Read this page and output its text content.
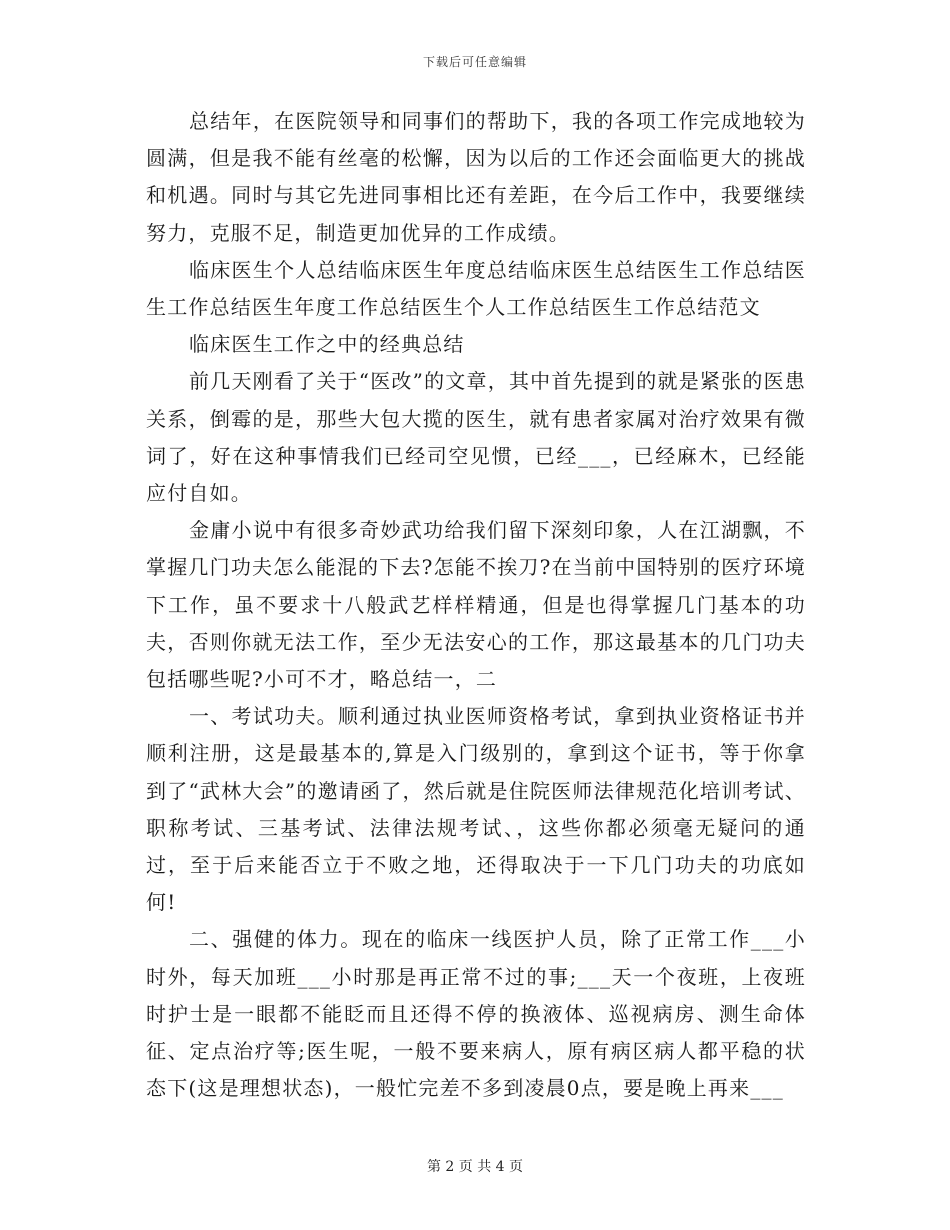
下载后可任意编辑

总结年，在医院领导和同事们的帮助下，我的各项工作完成地较为圆满，但是我不能有丝毫的松懈，因为以后的工作还会面临更大的挑战和机遇。同时与其它先进同事相比还有差距，在今后工作中，我要继续努力，克服不足，制造更加优异的工作成绩。

临床医生个人总结临床医生年度总结临床医生总结医生工作总结医生工作总结医生年度工作总结医生个人工作总结医生工作总结范文

临床医生工作之中的经典总结

前几天刚看了关于“医改”的文章，其中首先提到的就是紧张的医患关系，倒霉的是，那些大包大揽的医生，就有患者家属对治疗效果有微词了，好在这种事情我们已经司空见惯，已经___，已经麻木，已经能应付自如。

金庸小说中有很多奇妙武功给我们留下深刻印象，人在江湖飘，不掌握几门功夫怎么能混的下去?怎能不挨刀?在当前中国特别的医疗环境下工作，虽不要求十八般武艺样样精通，但是也得掌握几门基本的功夫，否则你就无法工作，至少无法安心的工作，那这最基本的几门功夫包括哪些呢?小可不才，略总结一，二

一、考试功夫。顺利通过执业医师资格考试，拿到执业资格证书并顺利注册，这是最基本的,算是入门级别的，拿到这个证书，等于你拿到了“武林大会”的邀请函了，然后就是住院医师法律规范化培训考试、职称考试、三基考试、法律法规考试、，这些你都必须毫无疑问的通过，至于后来能否立于不败之地，还得取决于一下几门功夫的功底如何!

二、强健的体力。现在的临床一线医护人员，除了正常工作___小时外，每天加班___小时那是再正常不过的事;___天一个夜班，上夜班时护士是一眼都不能眨而且还得不停的换液体、巡视病房、测生命体征、定点治疗等;医生呢，一般不要来病人，原有病区病人都平稳的状态下(这是理想状态)，一般忙完差不多到凌晨0点，要是晚上再来___

第 2 页 共 4 页
